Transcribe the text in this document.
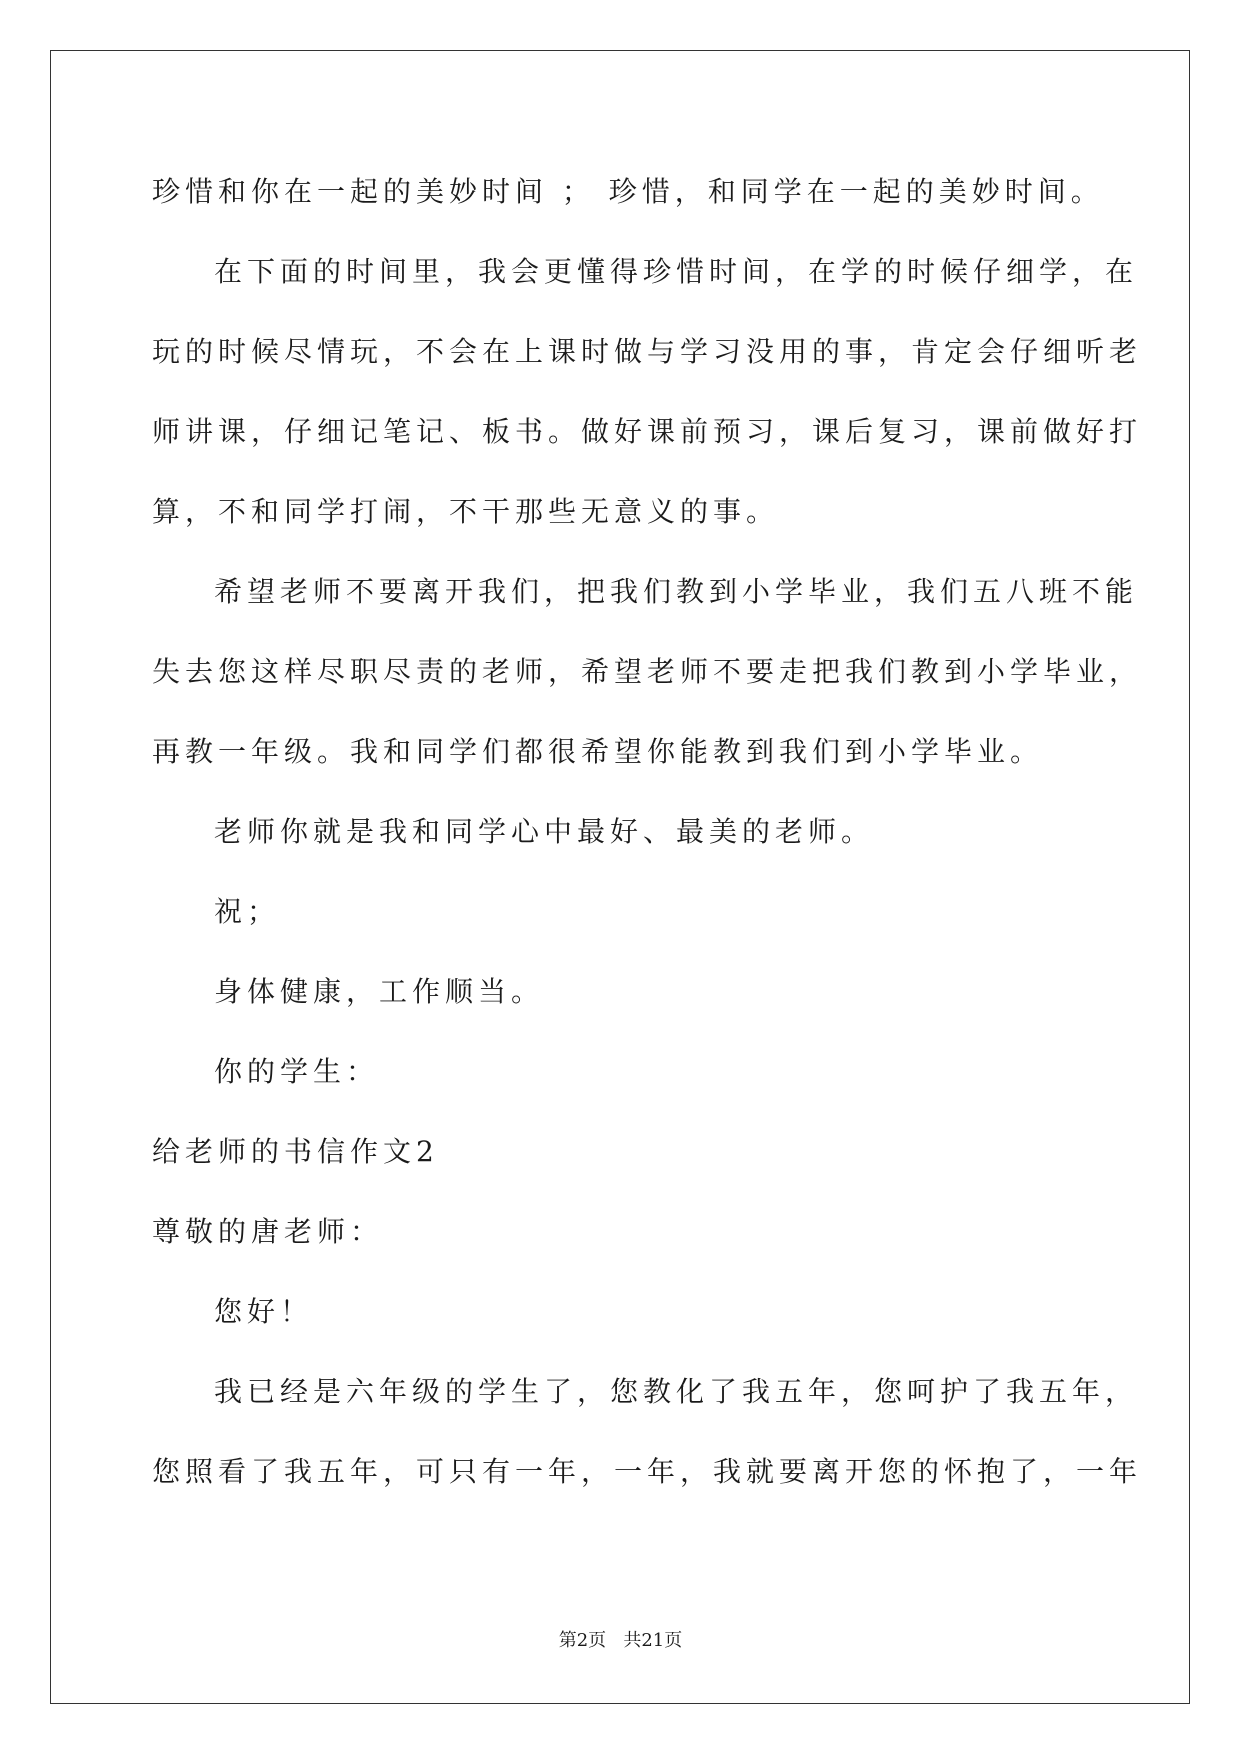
珍惜和你在一起的美妙时间 ； 珍惜，和同学在一起的美妙时间。
在下面的时间里，我会更懂得珍惜时间，在学的时候仔细学，在
玩的时候尽情玩，不会在上课时做与学习没用的事，肯定会仔细听老
师讲课，仔细记笔记、板书。做好课前预习，课后复习，课前做好打
算，不和同学打闹，不干那些无意义的事。
希望老师不要离开我们，把我们教到小学毕业，我们五八班不能
失去您这样尽职尽责的老师，希望老师不要走把我们教到小学毕业，
再教一年级。我和同学们都很希望你能教到我们到小学毕业。
老师你就是我和同学心中最好、最美的老师。
祝；
身体健康，工作顺当。
你的学生：
给老师的书信作文2
尊敬的唐老师：
您好！
我已经是六年级的学生了，您教化了我五年，您呵护了我五年，
您照看了我五年，可只有一年，一年，我就要离开您的怀抱了，一年
第2页   共21页
